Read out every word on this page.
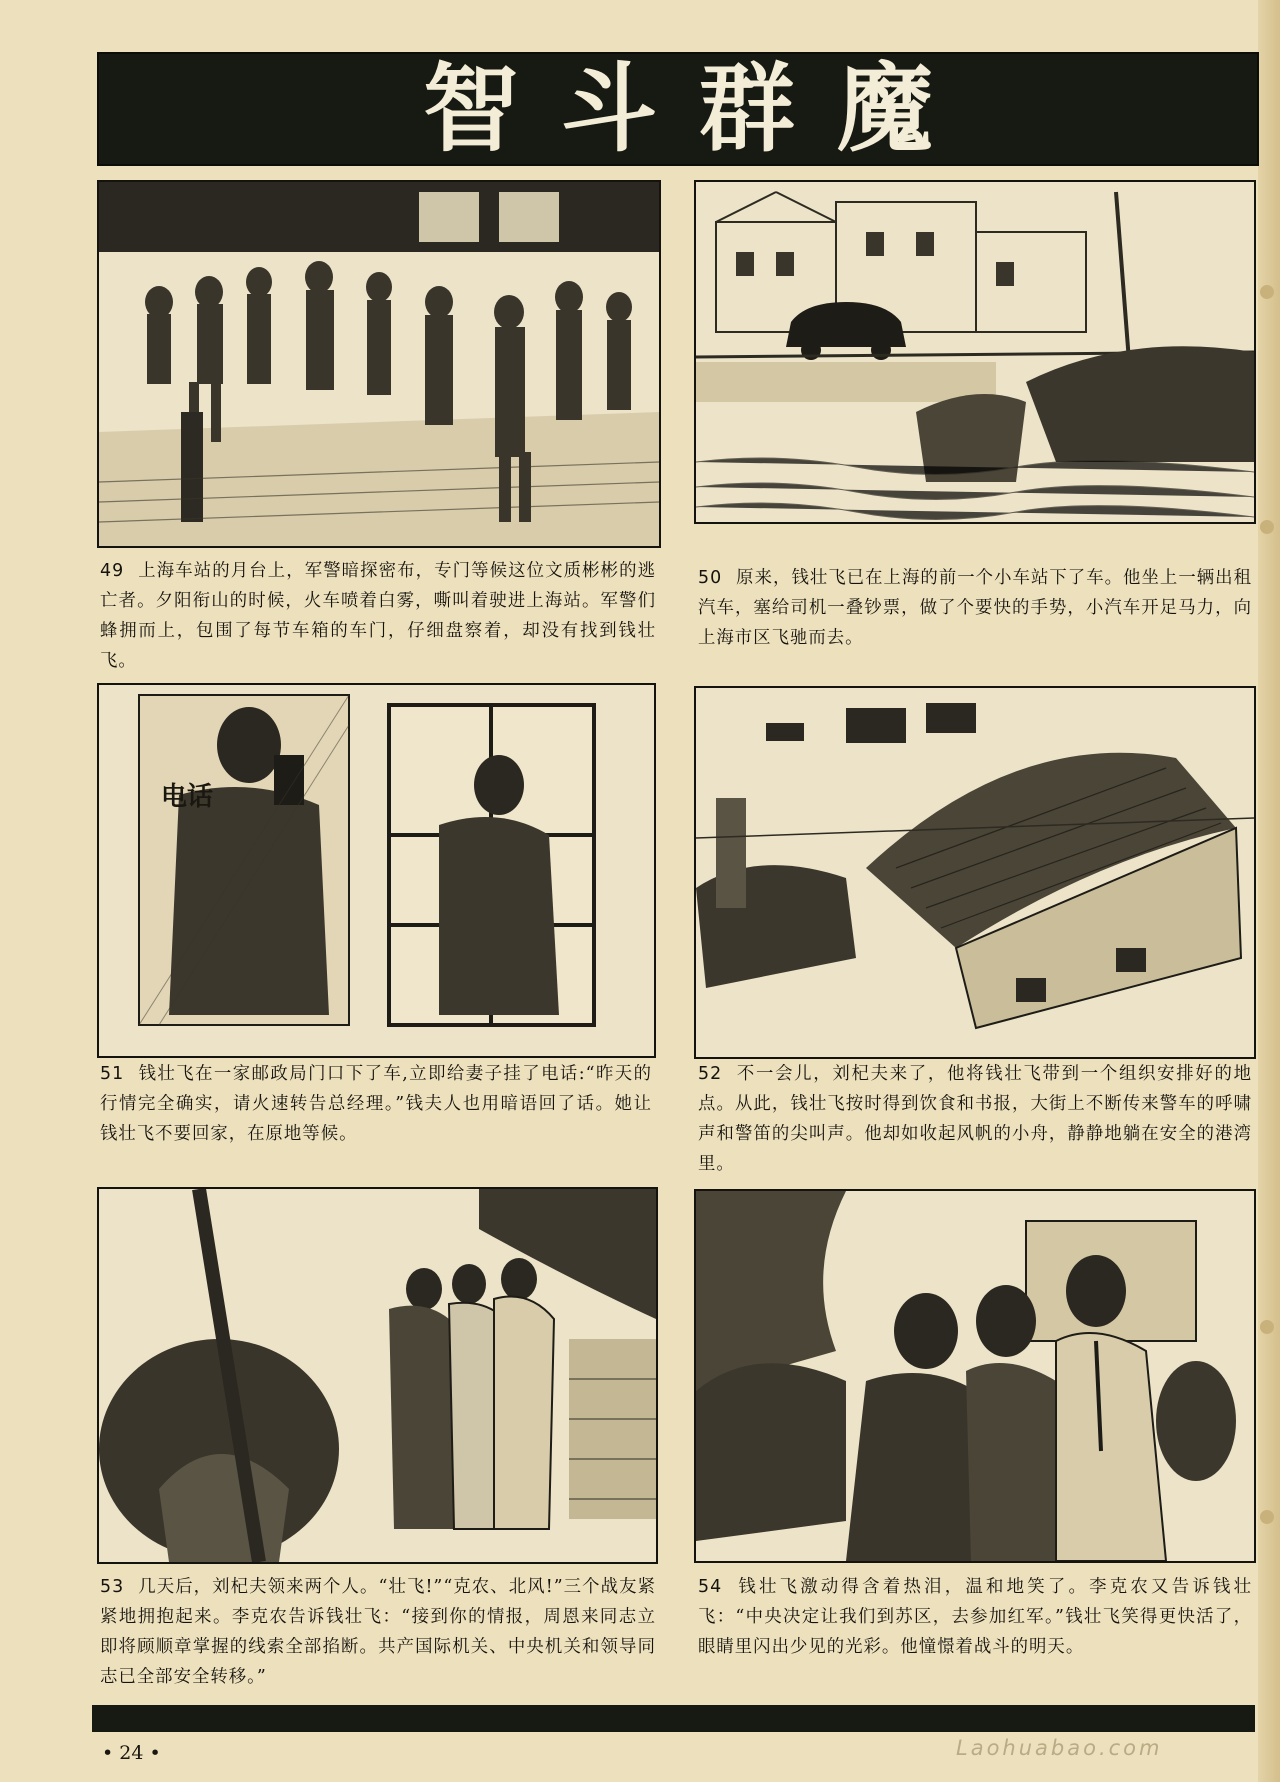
智斗群魔
49 上海车站的月台上，军警暗探密布，专门等候这位文质彬彬的逃亡者。夕阳衔山的时候，火车喷着白雾，嘶叫着驶进上海站。军警们蜂拥而上，包围了每节车箱的车门，仔细盘察着，却没有找到钱壮飞。
50 原来，钱壮飞已在上海的前一个小车站下了车。他坐上一辆出租汽车，塞给司机一叠钞票，做了个要快的手势，小汽车开足马力，向上海市区飞驰而去。
电话
51 钱壮飞在一家邮政局门口下了车,立即给妻子挂了电话:“昨天的行情完全确实，请火速转告总经理。”钱夫人也用暗语回了话。她让钱壮飞不要回家，在原地等候。
52 不一会儿，刘杞夫来了，他将钱壮飞带到一个组织安排好的地点。从此，钱壮飞按时得到饮食和书报，大街上不断传来警车的呼啸声和警笛的尖叫声。他却如收起风帆的小舟，静静地躺在安全的港湾里。
53 几天后，刘杞夫领来两个人。“壮飞!”“克农、北风!”三个战友紧紧地拥抱起来。李克农告诉钱壮飞：“接到你的情报，周恩来同志立即将顾顺章掌握的线索全部掐断。共产国际机关、中央机关和领导同志已全部安全转移。”
54 钱壮飞激动得含着热泪，温和地笑了。李克农又告诉钱壮飞：“中央决定让我们到苏区，去参加红军。”钱壮飞笑得更快活了，眼睛里闪出少见的光彩。他憧憬着战斗的明天。
• 24 •	Laohuabao.com
